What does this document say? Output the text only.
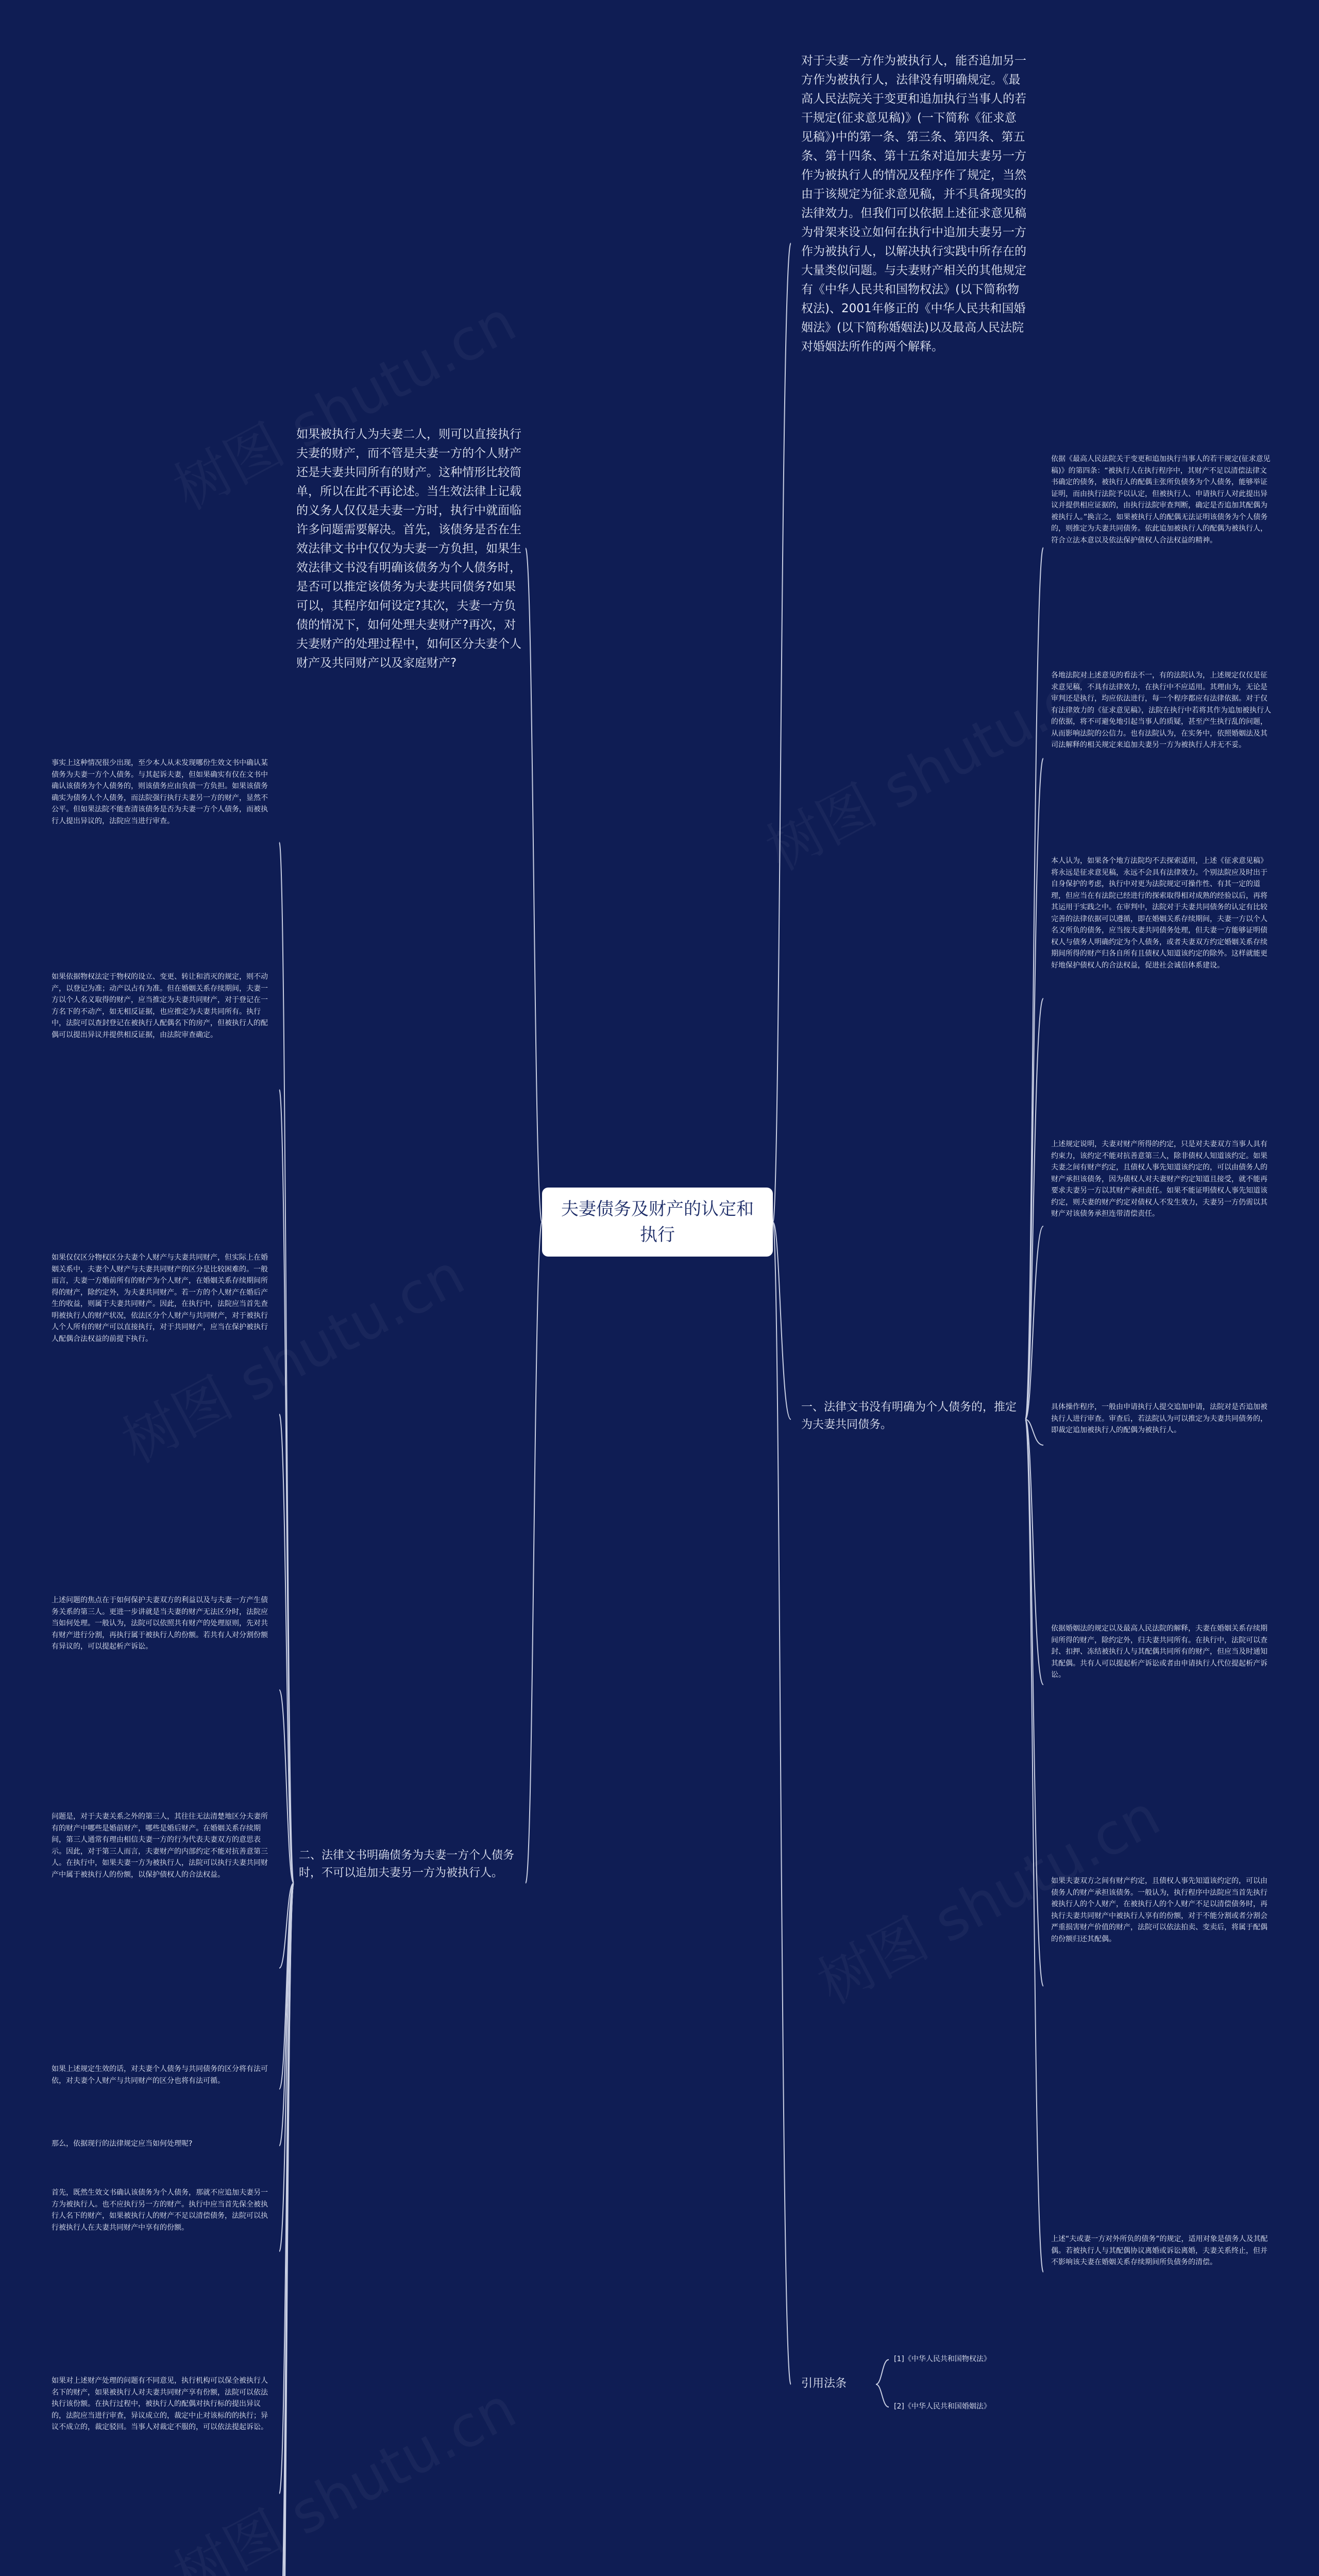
夫妻债务及财产的认定和执行
对于夫妻一方作为被执行人，能否追加另一方作为被执行人，法律没有明确规定。《最高人民法院关于变更和追加执行当事人的若干规定(征求意见稿)》(一下简称《征求意见稿》)中的第一条、第三条、第四条、第五条、第十四条、第十五条对追加夫妻另一方作为被执行人的情况及程序作了规定，当然由于该规定为征求意见稿，并不具备现实的法律效力。但我们可以依据上述征求意见稿为骨架来设立如何在执行中追加夫妻另一方作为被执行人，以解决执行实践中所存在的大量类似问题。与夫妻财产相关的其他规定有《中华人民共和国物权法》(以下简称物权法)、2001年修正的《中华人民共和国婚姻法》(以下简称婚姻法)以及最高人民法院对婚姻法所作的两个解释。
一、法律文书没有明确为个人债务的，推定为夫妻共同债务。
依据《最高人民法院关于变更和追加执行当事人的若干规定(征求意见稿)》的第四条：“被执行人在执行程序中，其财产不足以清偿法律文书确定的债务，被执行人的配偶主张所负债务为个人债务，能够举证证明，而由执行法院予以认定，但被执行人、申请执行人对此提出异议并提供相应证据的，由执行法院审查判断，确定是否追加其配偶为被执行人。”换言之，如果被执行人的配偶无法证明该债务为个人债务的，则推定为夫妻共同债务。依此追加被执行人的配偶为被执行人，符合立法本意以及依法保护债权人合法权益的精神。
各地法院对上述意见的看法不一，有的法院认为，上述规定仅仅是征求意见稿，不具有法律效力，在执行中不应适用。其理由为，无论是审判还是执行，均应依法进行，每一个程序都应有法律依据。对于仅有法律效力的《征求意见稿》，法院在执行中若将其作为追加被执行人的依据，将不可避免地引起当事人的质疑，甚至产生执行乱的问题，从而影响法院的公信力。也有法院认为，在实务中，依照婚姻法及其司法解释的相关规定来追加夫妻另一方为被执行人并无不妥。
本人认为，如果各个地方法院均不去探索适用，上述《征求意见稿》将永远是征求意见稿，永远不会具有法律效力。个别法院应及时出于自身保护的考虑，执行中对更为法院规定可操作性、有其一定的道理，但应当在有法院已经进行的探索取得相对成熟的经验以后，再将其运用于实践之中。在审判中，法院对于夫妻共同债务的认定有比较完善的法律依据可以遵循，即在婚姻关系存续期间，夫妻一方以个人名义所负的债务，应当按夫妻共同债务处理，但夫妻一方能够证明债权人与债务人明确约定为个人债务，或者夫妻双方约定婚姻关系存续期间所得的财产归各自所有且债权人知道该约定的除外。这样就能更好地保护债权人的合法权益，促进社会诚信体系建设。
上述规定说明，夫妻对财产所得的约定，只是对夫妻双方当事人具有约束力，该约定不能对抗善意第三人，除非债权人知道该约定。如果夫妻之间有财产约定，且债权人事先知道该约定的，可以由债务人的财产承担该债务，因为债权人对夫妻财产约定知道且接受，就不能再要求夫妻另一方以其财产承担责任。如果不能证明债权人事先知道该约定，则夫妻的财产约定对债权人不发生效力，夫妻另一方仍需以其财产对该债务承担连带清偿责任。
具体操作程序，一般由申请执行人提交追加申请，法院对是否追加被执行人进行审查。审查后，若法院认为可以推定为夫妻共同债务的，即裁定追加被执行人的配偶为被执行人。
依据婚姻法的规定以及最高人民法院的解释，夫妻在婚姻关系存续期间所得的财产，除约定外，归夫妻共同所有。在执行中，法院可以查封、扣押、冻结被执行人与其配偶共同所有的财产，但应当及时通知其配偶。共有人可以提起析产诉讼或者由申请执行人代位提起析产诉讼。
如果夫妻双方之间有财产约定，且债权人事先知道该约定的，可以由债务人的财产承担该债务。一般认为，执行程序中法院应当首先执行被执行人的个人财产，在被执行人的个人财产不足以清偿债务时，再执行夫妻共同财产中被执行人享有的份额，对于不能分割或者分割会严重损害财产价值的财产，法院可以依法拍卖、变卖后，将属于配偶的份额归还其配偶。
上述“夫或妻一方对外所负的债务”的规定，适用对象是债务人及其配偶。若被执行人与其配偶协议离婚或诉讼离婚，夫妻关系终止，但并不影响该夫妻在婚姻关系存续期间所负债务的清偿。
引用法条
[1]《中华人民共和国物权法》
[2]《中华人民共和国婚姻法》
如果被执行人为夫妻二人，则可以直接执行夫妻的财产，而不管是夫妻一方的个人财产还是夫妻共同所有的财产。这种情形比较简单，所以在此不再论述。当生效法律上记载的义务人仅仅是夫妻一方时，执行中就面临许多问题需要解决。首先，该债务是否在生效法律文书中仅仅为夫妻一方负担，如果生效法律文书没有明确该债务为个人债务时，是否可以推定该债务为夫妻共同债务?如果可以，其程序如何设定?其次，夫妻一方负债的情况下，如何处理夫妻财产?再次，对夫妻财产的处理过程中，如何区分夫妻个人财产及共同财产以及家庭财产?
二、法律文书明确债务为夫妻一方个人债务时，不可以追加夫妻另一方为被执行人。
事实上这种情况很少出现，至少本人从未发现哪份生效文书中确认某债务为夫妻一方个人债务。与其起诉夫妻，但如果确实有仅在文书中确认该债务为个人债务的，则该债务应由负债一方负担。如果该债务确实为债务人个人债务，而法院强行执行夫妻另一方的财产，显然不公平。但如果法院不能查清该债务是否为夫妻一方个人债务，而被执行人提出异议的，法院应当进行审查。
如果依据物权法定于物权的设立、变更、转让和消灭的规定，则不动产，以登记为准；动产以占有为准。但在婚姻关系存续期间，夫妻一方以个人名义取得的财产，应当推定为夫妻共同财产，对于登记在一方名下的不动产，如无相反证据，也应推定为夫妻共同所有。执行中，法院可以查封登记在被执行人配偶名下的房产，但被执行人的配偶可以提出异议并提供相反证据，由法院审查确定。
如果仅仅区分物权区分夫妻个人财产与夫妻共同财产，但实际上在婚姻关系中，夫妻个人财产与夫妻共同财产的区分是比较困难的。一般而言，夫妻一方婚前所有的财产为个人财产，在婚姻关系存续期间所得的财产，除约定外，为夫妻共同财产。若一方的个人财产在婚后产生的收益，则属于夫妻共同财产。因此，在执行中，法院应当首先查明被执行人的财产状况，依法区分个人财产与共同财产，对于被执行人个人所有的财产可以直接执行，对于共同财产，应当在保护被执行人配偶合法权益的前提下执行。
上述问题的焦点在于如何保护夫妻双方的利益以及与夫妻一方产生债务关系的第三人。更进一步讲就是当夫妻的财产无法区分时，法院应当如何处理。一般认为，法院可以依照共有财产的处理原则，先对共有财产进行分割，再执行属于被执行人的份额。若共有人对分割份额有异议的，可以提起析产诉讼。
问题是，对于夫妻关系之外的第三人，其往往无法清楚地区分夫妻所有的财产中哪些是婚前财产，哪些是婚后财产。在婚姻关系存续期间，第三人通常有理由相信夫妻一方的行为代表夫妻双方的意思表示。因此，对于第三人而言，夫妻财产的内部约定不能对抗善意第三人。在执行中，如果夫妻一方为被执行人，法院可以执行夫妻共同财产中属于被执行人的份额，以保护债权人的合法权益。
如果上述规定生效的话，对夫妻个人债务与共同债务的区分将有法可依，对夫妻个人财产与共同财产的区分也将有法可循。
那么，依据现行的法律规定应当如何处理呢?
首先，既然生效文书确认该债务为个人债务，那就不应追加夫妻另一方为被执行人。也不应执行另一方的财产。执行中应当首先保全被执行人名下的财产，如果被执行人的财产不足以清偿债务，法院可以执行被执行人在夫妻共同财产中享有的份额。
如果对上述财产处理的问题有不同意见，执行机构可以保全被执行人名下的财产，如果被执行人对夫妻共同财产享有份额，法院可以依法执行该份额。在执行过程中，被执行人的配偶对执行标的提出异议的，法院应当进行审查，异议成立的，裁定中止对该标的的执行；异议不成立的，裁定驳回。当事人对裁定不服的，可以依法提起诉讼。
